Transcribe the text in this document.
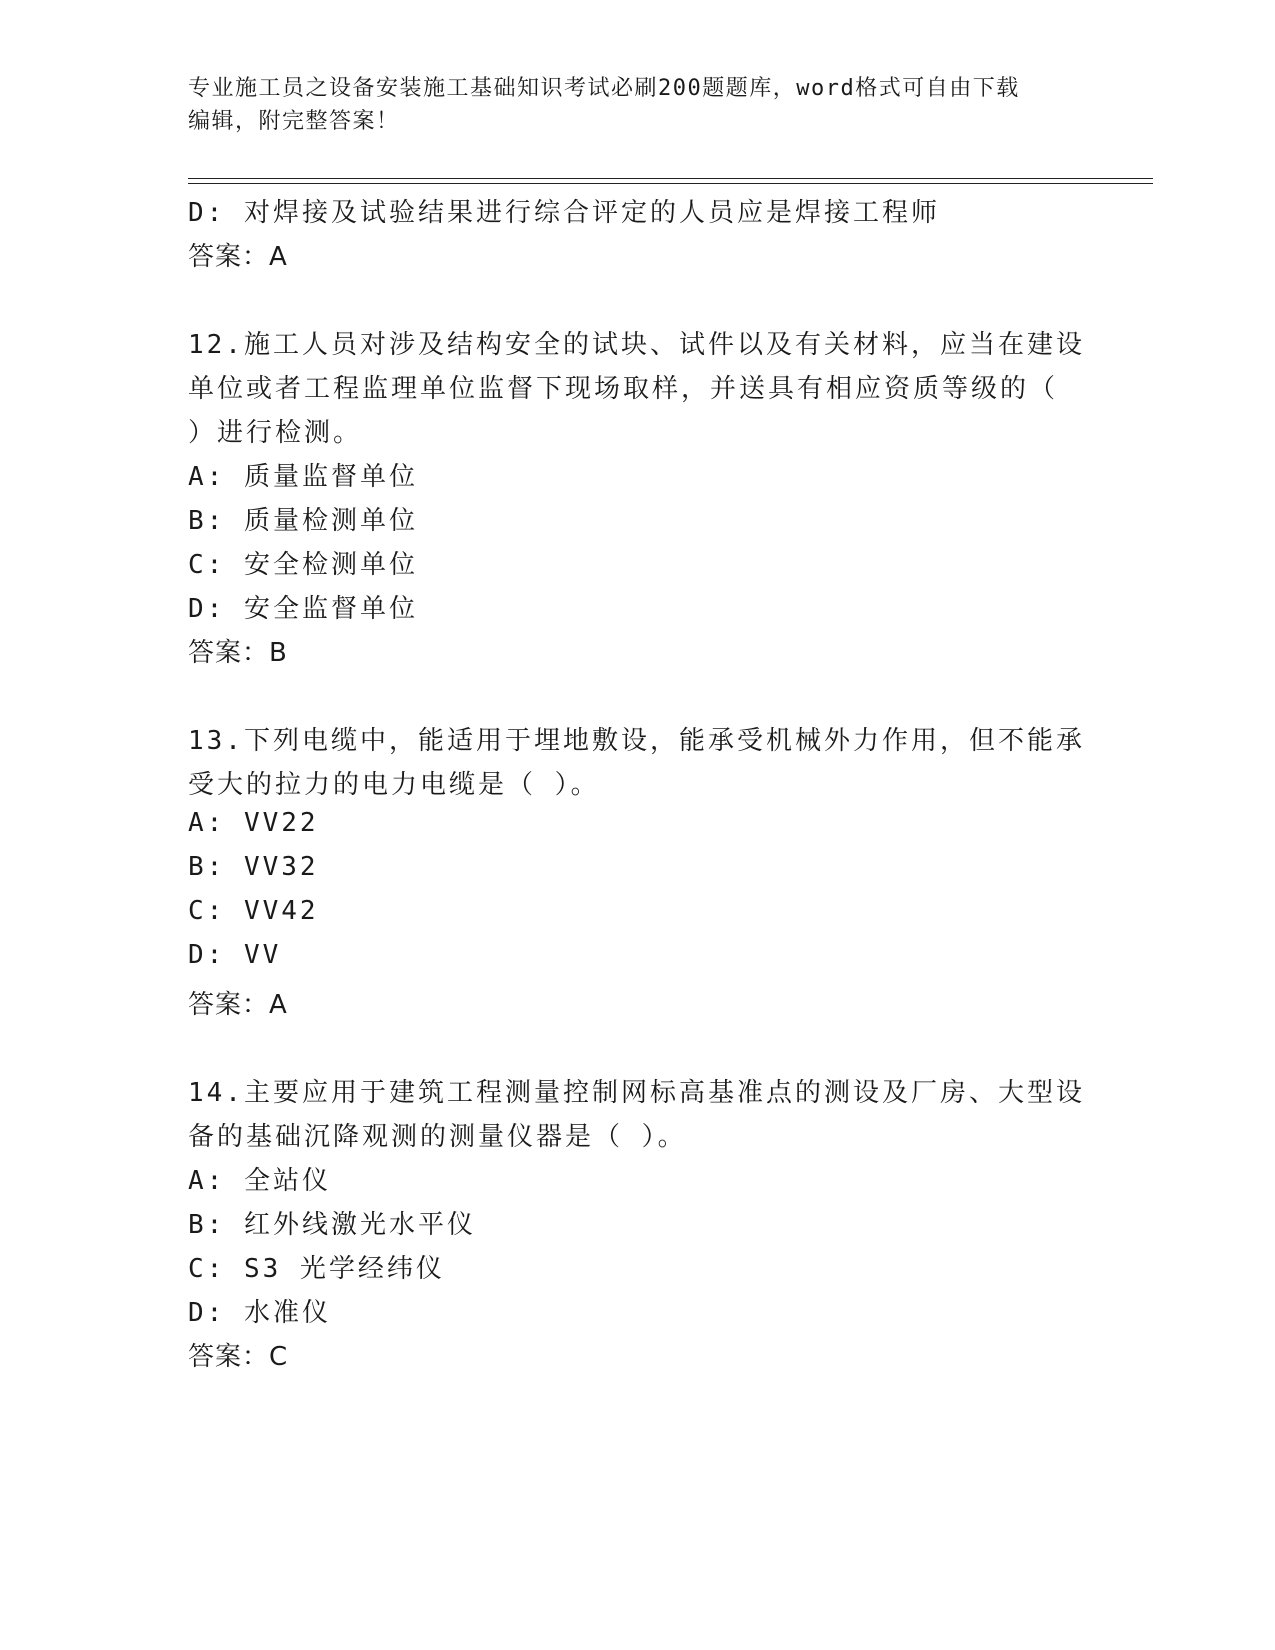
专业施工员之设备安装施工基础知识考试必刷200题题库，word格式可自由下载
编辑，附完整答案！
D: 对焊接及试验结果进行综合评定的人员应是焊接工程师
答案：A
12.施工人员对涉及结构安全的试块、试件以及有关材料，应当在建设
单位或者工程监理单位监督下现场取样，并送具有相应资质等级的（
）进行检测。
A: 质量监督单位
B: 质量检测单位
C: 安全检测单位
D: 安全监督单位
答案：B
13.下列电缆中，能适用于埋地敷设，能承受机械外力作用，但不能承
受大的拉力的电力电缆是（ ）。
A: VV22
B: VV32
C: VV42
D: VV
答案：A
14.主要应用于建筑工程测量控制网标高基准点的测设及厂房、大型设
备的基础沉降观测的测量仪器是（ ）。
A: 全站仪
B: 红外线激光水平仪
C: S3 光学经纬仪
D: 水准仪
答案：C
